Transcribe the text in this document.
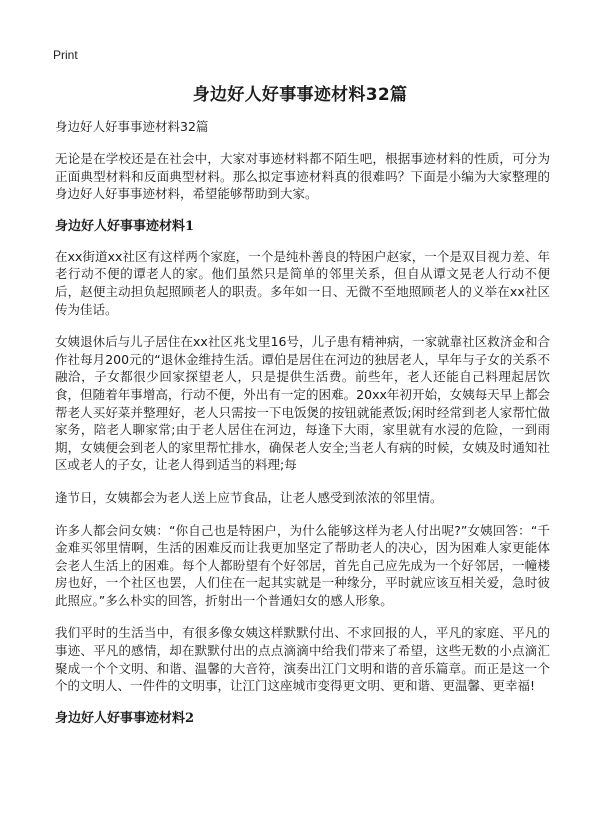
Print
身边好人好事事迹材料32篇

身边好人好事事迹材料32篇

无论是在学校还是在社会中，大家对事迹材料都不陌生吧，根据事迹材料的性质，可分为正面典型材料和反面典型材料。那么拟定事迹材料真的很难吗？下面是小编为大家整理的身边好人好事事迹材料，希望能够帮助到大家。

身边好人好事事迹材料1

在xx街道xx社区有这样两个家庭，一个是纯朴善良的特困户赵家，一个是双目视力差、年老行动不便的谭老人的家。他们虽然只是简单的邻里关系，但自从谭文晃老人行动不便后，赵便主动担负起照顾老人的职责。多年如一日、无微不至地照顾老人的义举在xx社区传为佳话。

女姨退休后与儿子居住在xx社区兆戈里16号，儿子患有精神病，一家就靠社区救济金和合作社每月200元的“退休金维持生活。谭伯是居住在河边的独居老人，早年与子女的关系不融洽，子女都很少回家探望老人，只是提供生活费。前些年，老人还能自己料理起居饮食，但随着年事增高，行动不便，外出有一定的困难。20xx年初开始，女姨每天早上都会帮老人买好菜并整理好，老人只需按一下电饭煲的按钮就能煮饭;闲时经常到老人家帮忙做家务，陪老人聊家常;由于老人居住在河边，每逢下大雨，家里就有水浸的危险，一到雨期，女姨便会到老人的家里帮忙排水，确保老人安全;当老人有病的时候，女姨及时通知社区或老人的子女，让老人得到适当的料理;每

逢节日，女姨都会为老人送上应节食品，让老人感受到浓浓的邻里情。

许多人都会问女姨：“你自己也是特困户，为什么能够这样为老人付出呢?”女姨回答：“千金难买邻里情啊，生活的困难反而让我更加坚定了帮助老人的决心，因为困难人家更能体会老人生活上的困难。每个人都盼望有个好邻居，首先自己应先成为一个好邻居，一幢楼房也好，一个社区也罢，人们住在一起其实就是一种缘分，平时就应该互相关爱，急时彼此照应。”多么朴实的回答，折射出一个普通妇女的感人形象。

我们平时的生活当中，有很多像女姨这样默默付出、不求回报的人，平凡的家庭、平凡的事迹、平凡的感情，却在默默付出的点点滴滴中给我们带来了希望，这些无数的小点滴汇聚成一个个文明、和谐、温馨的大音符，演奏出江门文明和谐的音乐篇章。而正是这一个个的文明人、一件件的文明事，让江门这座城市变得更文明、更和谐、更温馨、更幸福!

身边好人好事事迹材料2
